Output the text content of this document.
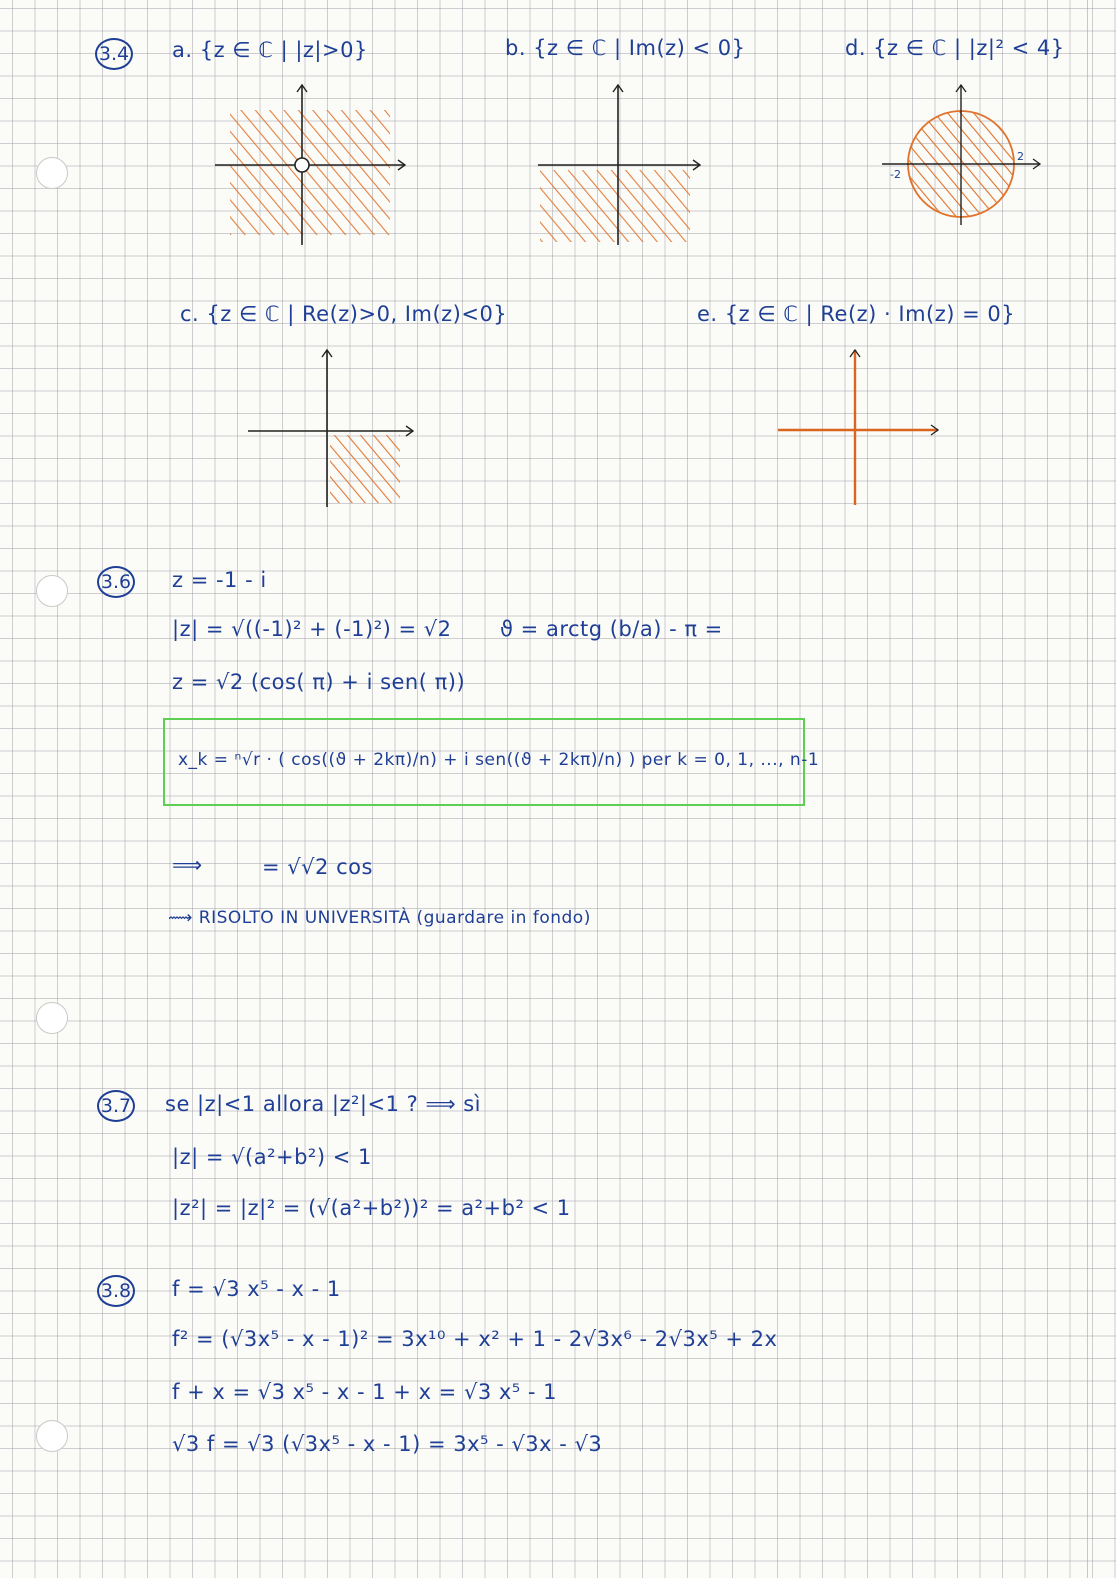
3.4 a. {z ∈ ℂ | |z|>0}	b. {z ∈ ℂ | Im(z) < 0}	d. {z ∈ ℂ | |z|² < 4}
2
-2
c. {z ∈ ℂ | Re(z)>0, Im(z)<0}	e. {z ∈ ℂ | Re(z) · Im(z) = 0}
3.6 z = -1 - i
|z| = √((-1)² + (-1)²) = √2 ϑ = arctg (b/a) - π =
z = √2 (cos( π) + i sen( π))
x_k = ⁿ√r · ( cos((ϑ + 2kπ)/n) + i sen((ϑ + 2kπ)/n) ) per k = 0, 1, ..., n-1
⟹	= √√2 cos
⟿ RISOLTO IN UNIVERSITÀ (guardare in fondo)
3.7 se |z|<1 allora |z²|<1 ? ⟹ sì
|z| = √(a²+b²) < 1
|z²| = |z|² = (√(a²+b²))² = a²+b² < 1
3.8 f = √3 x⁵ - x - 1
f² = (√3x⁵ - x - 1)² = 3x¹⁰ + x² + 1 - 2√3x⁶ - 2√3x⁵ + 2x
f + x = √3 x⁵ - x - 1 + x = √3 x⁵ - 1
√3 f = √3 (√3x⁵ - x - 1) = 3x⁵ - √3x - √3
